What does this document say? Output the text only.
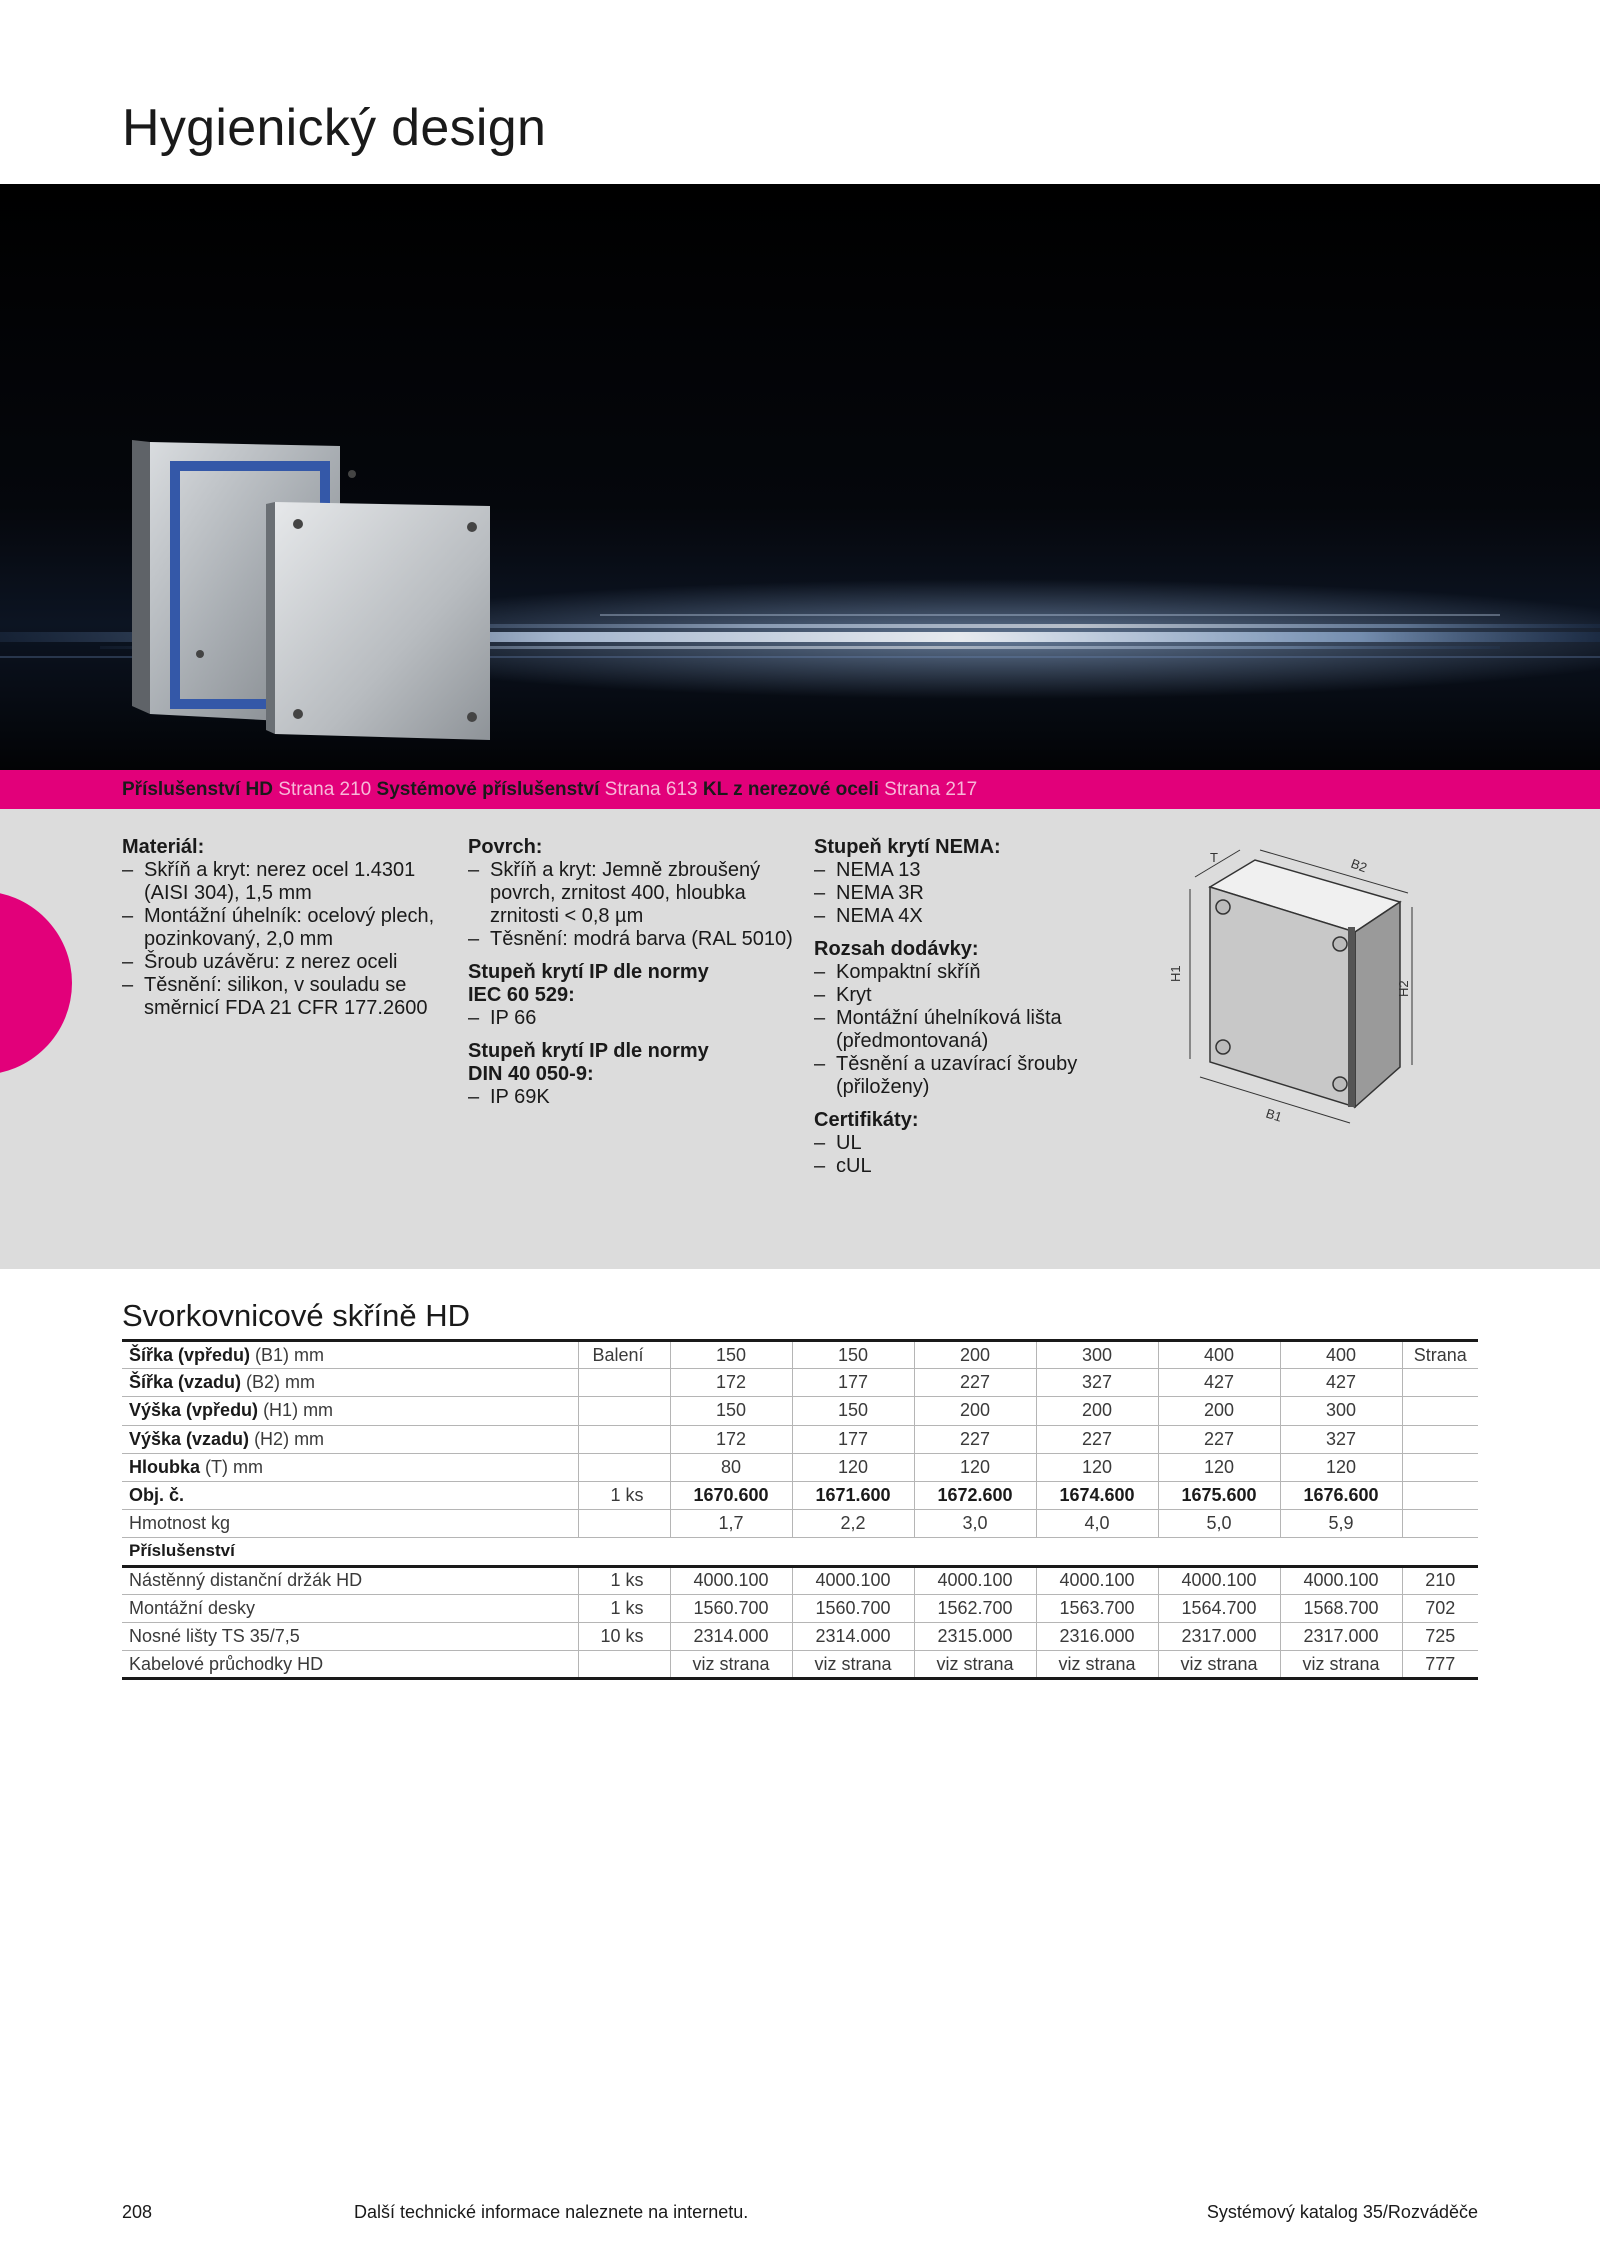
Hygienický design
Příslušenství HD Strana 210 Systémové příslušenství Strana 613 KL z nerezové oceli Strana 217
Materiál:
– Skříň a kryt: nerez ocel 1.4301 (AISI 304), 1,5 mm
– Montážní úhelník: ocelový plech, pozinkovaný, 2,0 mm
– Šroub uzávěru: z nerez oceli
– Těsnění: silikon, v souladu se směrnicí FDA 21 CFR 177.2600
Povrch:
– Skříň a kryt: Jemně zbroušený povrch, zrnitost 400, hloubka zrnitosti < 0,8 µm
– Těsnění: modrá barva (RAL 5010)
Stupeň krytí IP dle normy
IEC 60 529:
– IP 66
Stupeň krytí IP dle normy
DIN 40 050-9:
– IP 69K
Stupeň krytí NEMA:
– NEMA 13
– NEMA 3R
– NEMA 4X
Rozsah dodávky:
– Kompaktní skříň
– Kryt
– Montážní úhelníková lišta (předmontovaná)
– Těsnění a uzavírací šrouby (přiloženy)
Certifikáty:
– UL
– cUL
T	B2
H1
H2
B1
Svorkovnicové skříně HD
Šířka (vpředu) (B1) mm	Balení	150	150	200	300	400	400	Strana
Šířka (vzadu) (B2) mm		172	177	227	327	427	427	
Výška (vpředu) (H1) mm		150	150	200	200	200	300	
Výška (vzadu) (H2) mm		172	177	227	227	227	327	
Hloubka (T) mm		80	120	120	120	120	120	
Obj. č.	1 ks	1670.600	1671.600	1672.600	1674.600	1675.600	1676.600	
Hmotnost kg		1,7	2,2	3,0	4,0	5,0	5,9	
Příslušenství								
Nástěnný distanční držák HD	1 ks	4000.100	4000.100	4000.100	4000.100	4000.100	4000.100	210
Montážní desky	1 ks	1560.700	1560.700	1562.700	1563.700	1564.700	1568.700	702
Nosné lišty TS 35/7,5	10 ks	2314.000	2314.000	2315.000	2316.000	2317.000	2317.000	725
Kabelové průchodky HD		viz strana	viz strana	viz strana	viz strana	viz strana	viz strana	777
208	Další technické informace naleznete na internetu.	Systémový katalog 35/Rozváděče
